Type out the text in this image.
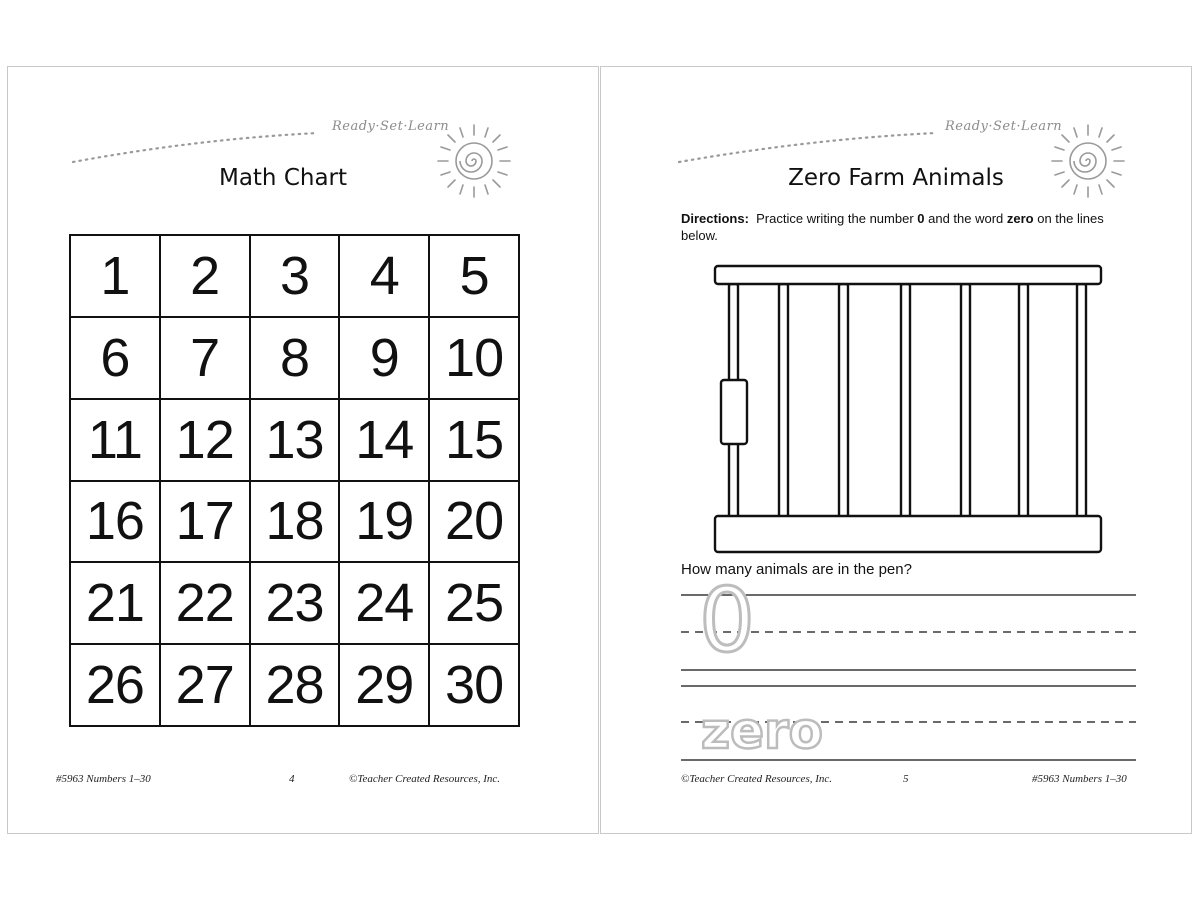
Ready·Set·Learn
Math Chart
1	2	3	4	5
6	7	8	9 10
11 12 13 14 15
16 17 18 19 20
21 22 23 24 25
26 27 28 29 30
#5963 Numbers 1–30	4	©Teacher Created Resources, Inc.
Ready·Set·Learn
Zero Farm Animals
Directions: Practice writing the number 0 and the word zero on the lines below.
How many animals are in the pen?
0
zero
©Teacher Created Resources, Inc.	5	#5963 Numbers 1–30
